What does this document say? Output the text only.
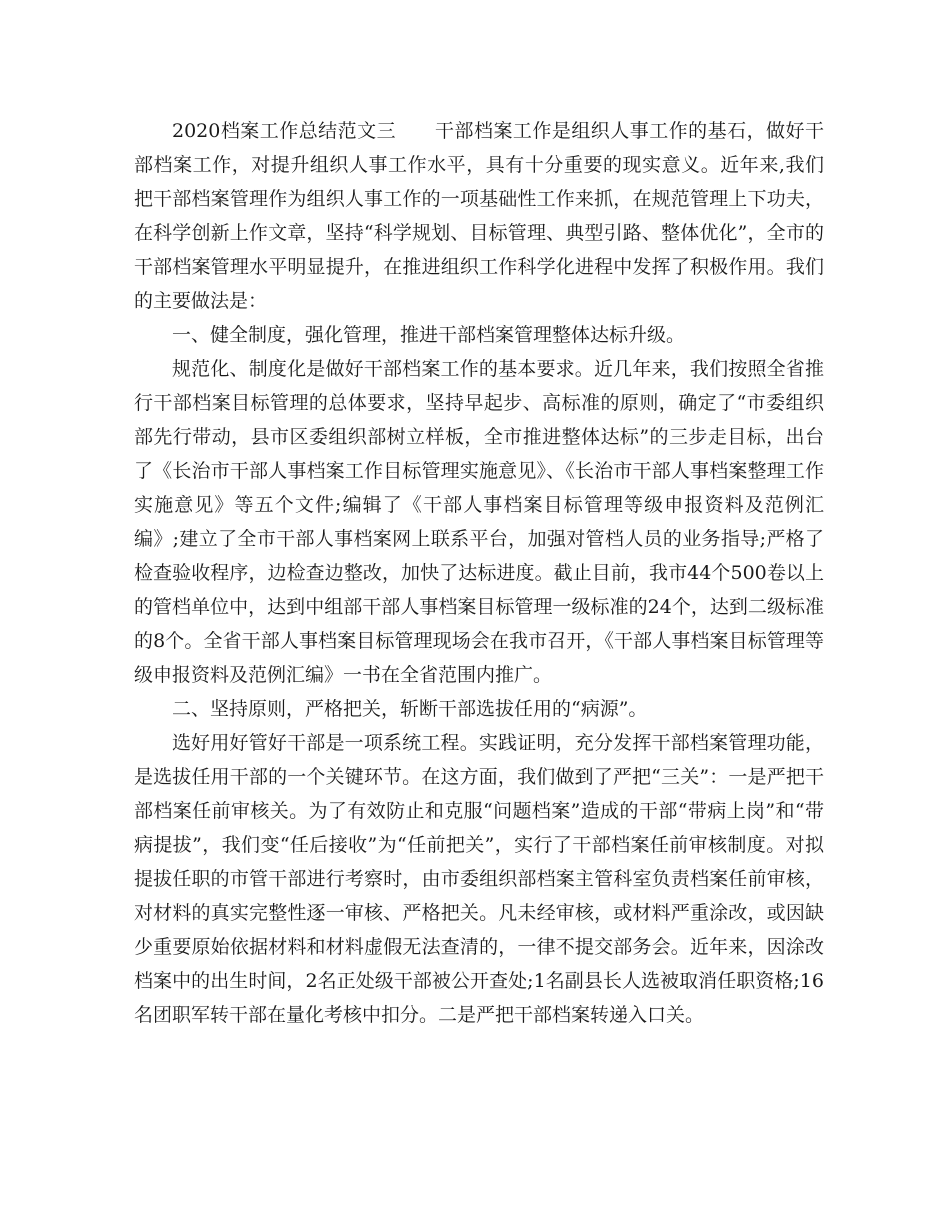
2020档案工作总结范文三　　干部档案工作是组织人事工作的基石，做好干部档案工作，对提升组织人事工作水平，具有十分重要的现实意义。近年来,我们把干部档案管理作为组织人事工作的一项基础性工作来抓，在规范管理上下功夫，在科学创新上作文章，坚持“科学规划、目标管理、典型引路、整体优化”，全市的干部档案管理水平明显提升，在推进组织工作科学化进程中发挥了积极作用。我们的主要做法是：

一、健全制度，强化管理，推进干部档案管理整体达标升级。

规范化、制度化是做好干部档案工作的基本要求。近几年来，我们按照全省推行干部档案目标管理的总体要求，坚持早起步、高标准的原则，确定了“市委组织部先行带动，县市区委组织部树立样板，全市推进整体达标”的三步走目标，出台了《长治市干部人事档案工作目标管理实施意见》、《长治市干部人事档案整理工作实施意见》等五个文件;编辑了《干部人事档案目标管理等级申报资料及范例汇编》;建立了全市干部人事档案网上联系平台，加强对管档人员的业务指导;严格了检查验收程序，边检查边整改，加快了达标进度。截止目前，我市44个500卷以上的管档单位中，达到中组部干部人事档案目标管理一级标准的24个，达到二级标准的8个。全省干部人事档案目标管理现场会在我市召开，《干部人事档案目标管理等级申报资料及范例汇编》一书在全省范围内推广。

二、坚持原则，严格把关，斩断干部选拔任用的“病源”。

选好用好管好干部是一项系统工程。实践证明，充分发挥干部档案管理功能，是选拔任用干部的一个关键环节。在这方面，我们做到了严把“三关”：一是严把干部档案任前审核关。为了有效防止和克服“问题档案”造成的干部“带病上岗”和“带病提拔”，我们变“任后接收”为“任前把关”，实行了干部档案任前审核制度。对拟提拔任职的市管干部进行考察时，由市委组织部档案主管科室负责档案任前审核，对材料的真实完整性逐一审核、严格把关。凡未经审核，或材料严重涂改，或因缺少重要原始依据材料和材料虚假无法查清的，一律不提交部务会。近年来，因涂改档案中的出生时间，2名正处级干部被公开查处;1名副县长人选被取消任职资格;16名团职军转干部在量化考核中扣分。二是严把干部档案转递入口关。
